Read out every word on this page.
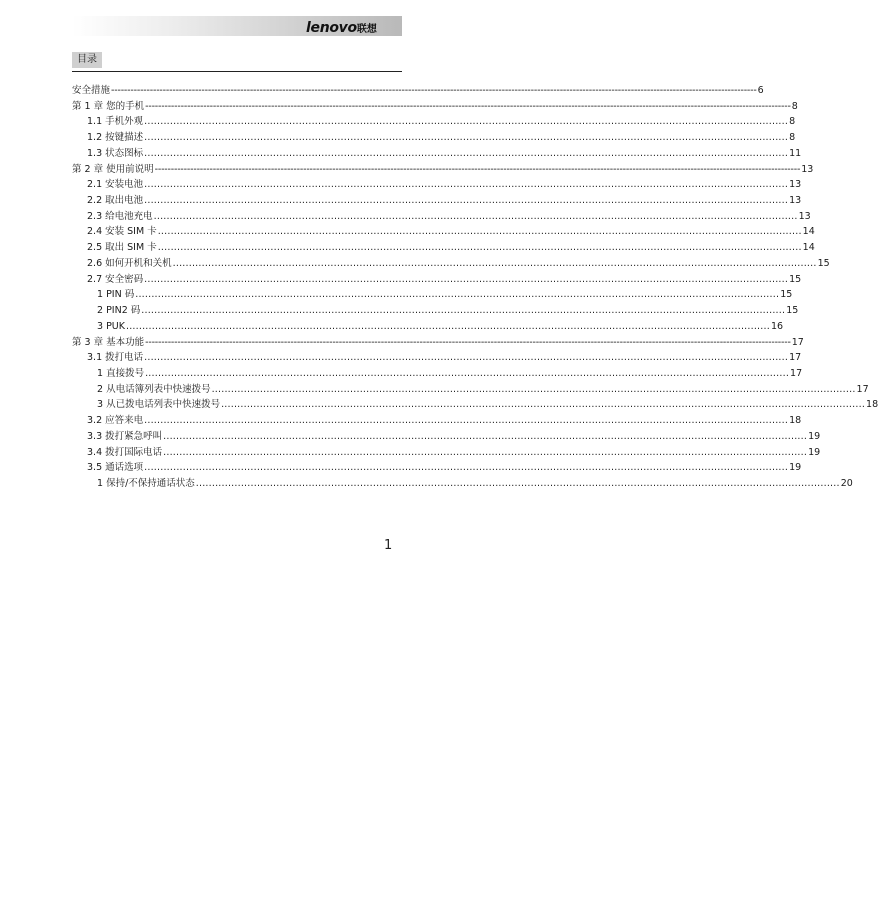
lenovo联想
目录
安全措施 -------------------------------------------------------------------------------------------------------------------------------------------------------------------------------------------------------- 6
第 1 章 您的手机 -------------------------------------------------------------------------------------------------------------------------------------------------------------------------------------------------------- 8
1.1 手机外观 ........................................................................................................................................................................................................ 8
1.2 按键描述 ........................................................................................................................................................................................................ 8
1.3 状态图标 ........................................................................................................................................................................................................ 11
第 2 章 使用前说明 -------------------------------------------------------------------------------------------------------------------------------------------------------------------------------------------------------- 13
2.1 安装电池 ........................................................................................................................................................................................................ 13
2.2 取出电池 ........................................................................................................................................................................................................ 13
2.3 给电池充电 ........................................................................................................................................................................................................ 13
2.4 安装 SIM 卡 ........................................................................................................................................................................................................ 14
2.5 取出 SIM 卡 ........................................................................................................................................................................................................ 14
2.6 如何开机和关机 ........................................................................................................................................................................................................ 15
2.7 安全密码 ........................................................................................................................................................................................................ 15
1 PIN 码 ........................................................................................................................................................................................................ 15
2 PIN2 码 ........................................................................................................................................................................................................ 15
3 PUK ........................................................................................................................................................................................................ 16
第 3 章 基本功能 -------------------------------------------------------------------------------------------------------------------------------------------------------------------------------------------------------- 17
3.1 拨打电话 ........................................................................................................................................................................................................ 17
1 直接拨号 ........................................................................................................................................................................................................ 17
2 从电话簿列表中快速拨号 ........................................................................................................................................................................................................ 17
3 从已拨电话列表中快速拨号 ........................................................................................................................................................................................................ 18
3.2 应答来电 ........................................................................................................................................................................................................ 18
3.3 拨打紧急呼叫 ........................................................................................................................................................................................................ 19
3.4 拨打国际电话 ........................................................................................................................................................................................................ 19
3.5 通话选项 ........................................................................................................................................................................................................ 19
1 保持/不保持通话状态 ........................................................................................................................................................................................................ 20
1
